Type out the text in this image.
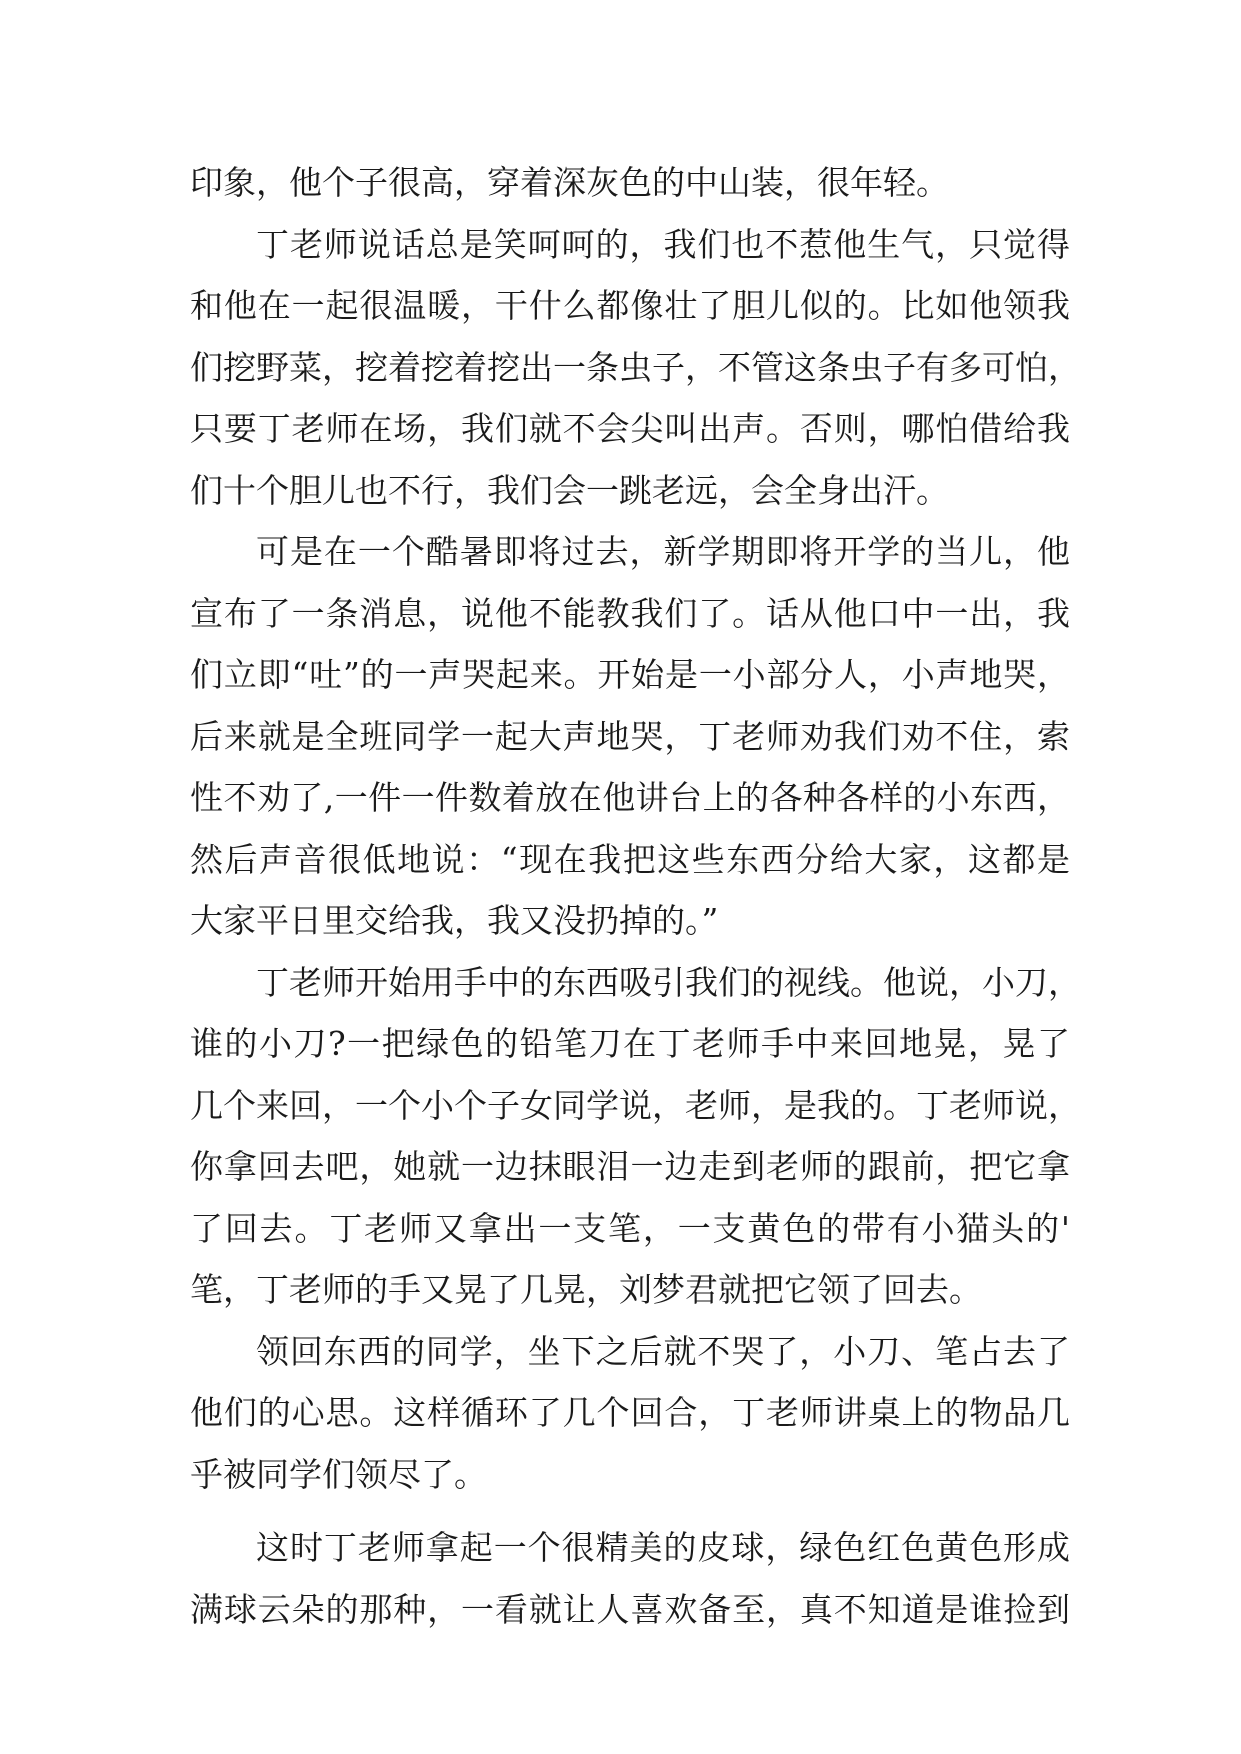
印象，他个子很高，穿着深灰色的中山装，很年轻。
丁老师说话总是笑呵呵的，我们也不惹他生气，只觉得
和他在一起很温暖，干什么都像壮了胆儿似的。比如他领我
们挖野菜，挖着挖着挖出一条虫子，不管这条虫子有多可怕，
只要丁老师在场，我们就不会尖叫出声。否则，哪怕借给我
们十个胆儿也不行，我们会一跳老远，会全身出汗。
可是在一个酷暑即将过去，新学期即将开学的当儿，他
宣布了一条消息，说他不能教我们了。话从他口中一出，我
们立即“吐”的一声哭起来。开始是一小部分人，小声地哭，
后来就是全班同学一起大声地哭，丁老师劝我们劝不住，索
性不劝了,一件一件数着放在他讲台上的各种各样的小东西，
然后声音很低地说：“现在我把这些东西分给大家，这都是
大家平日里交给我，我又没扔掉的。”
丁老师开始用手中的东西吸引我们的视线。他说，小刀，
谁的小刀?一把绿色的铅笔刀在丁老师手中来回地晃，晃了
几个来回，一个小个子女同学说，老师，是我的。丁老师说，
你拿回去吧，她就一边抹眼泪一边走到老师的跟前，把它拿
了回去。丁老师又拿出一支笔，一支黄色的带有小猫头的'
笔，丁老师的手又晃了几晃，刘梦君就把它领了回去。
领回东西的同学，坐下之后就不哭了，小刀、笔占去了
他们的心思。这样循环了几个回合，丁老师讲桌上的物品几
乎被同学们领尽了。
这时丁老师拿起一个很精美的皮球，绿色红色黄色形成
满球云朵的那种，一看就让人喜欢备至，真不知道是谁捡到
